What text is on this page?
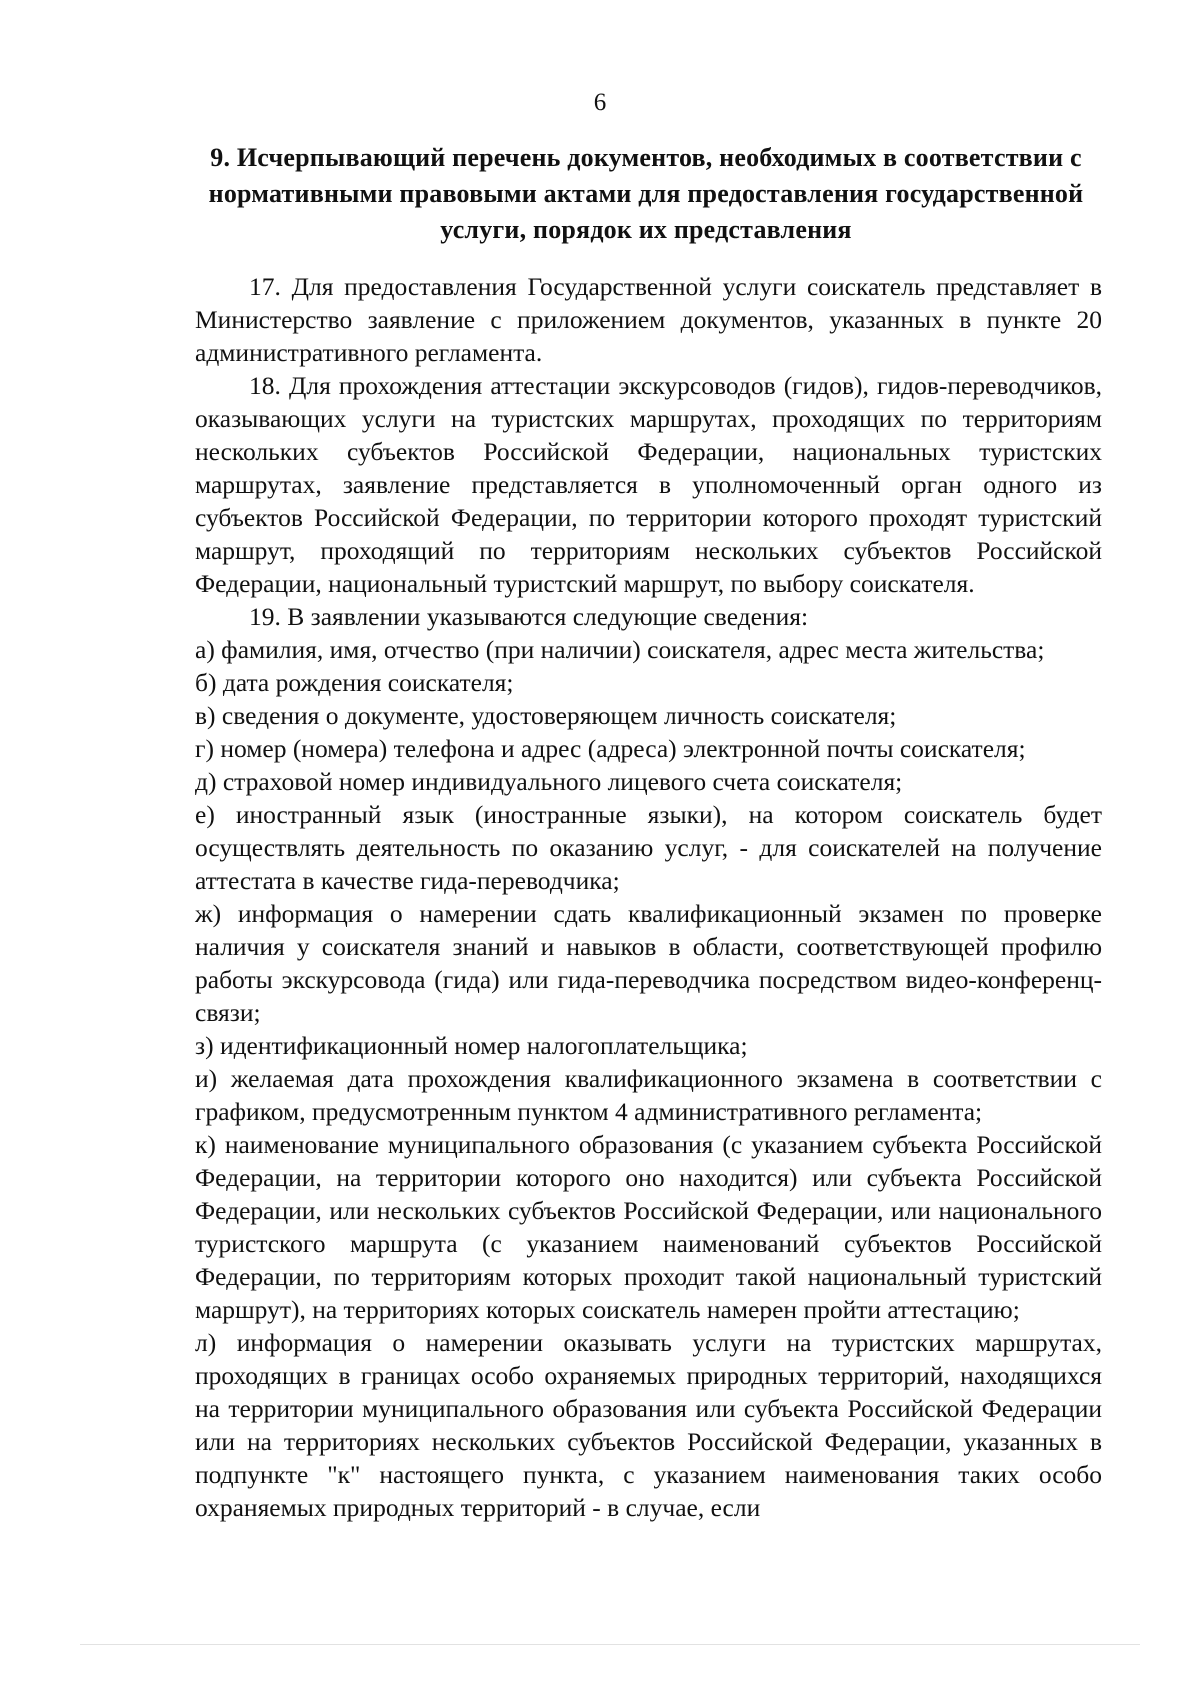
6
9. Исчерпывающий перечень документов, необходимых в соответствии с нормативными правовыми актами для предоставления государственной услуги, порядок их представления

17. Для предоставления Государственной услуги соискатель представляет в Министерство заявление с приложением документов, указанных в пункте 20 административного регламента.

18. Для прохождения аттестации экскурсоводов (гидов), гидов-переводчиков, оказывающих услуги на туристских маршрутах, проходящих по территориям нескольких субъектов Российской Федерации, национальных туристских маршрутах, заявление представляется в уполномоченный орган одного из субъектов Российской Федерации, по территории которого проходят туристский маршрут, проходящий по территориям нескольких субъектов Российской Федерации, национальный туристский маршрут, по выбору соискателя.

19. В заявлении указываются следующие сведения:

а) фамилия, имя, отчество (при наличии) соискателя, адрес места жительства;

б) дата рождения соискателя;

в) сведения о документе, удостоверяющем личность соискателя;

г) номер (номера) телефона и адрес (адреса) электронной почты соискателя;

д) страховой номер индивидуального лицевого счета соискателя;

е) иностранный язык (иностранные языки), на котором соискатель будет осуществлять деятельность по оказанию услуг, - для соискателей на получение аттестата в качестве гида-переводчика;

ж) информация о намерении сдать квалификационный экзамен по проверке наличия у соискателя знаний и навыков в области, соответствующей профилю работы экскурсовода (гида) или гида-переводчика посредством видео-конференц-связи;

з) идентификационный номер налогоплательщика;

и) желаемая дата прохождения квалификационного экзамена в соответствии с графиком, предусмотренным пунктом 4 административного регламента;

к) наименование муниципального образования (с указанием субъекта Российской Федерации, на территории которого оно находится) или субъекта Российской Федерации, или нескольких субъектов Российской Федерации, или национального туристского маршрута (с указанием наименований субъектов Российской Федерации, по территориям которых проходит такой национальный туристский маршрут), на территориях которых соискатель намерен пройти аттестацию;

л) информация о намерении оказывать услуги на туристских маршрутах, проходящих в границах особо охраняемых природных территорий, находящихся на территории муниципального образования или субъекта Российской Федерации или на территориях нескольких субъектов Российской Федерации, указанных в подпункте "к" настоящего пункта, с указанием наименования таких особо охраняемых природных территорий - в случае, если
